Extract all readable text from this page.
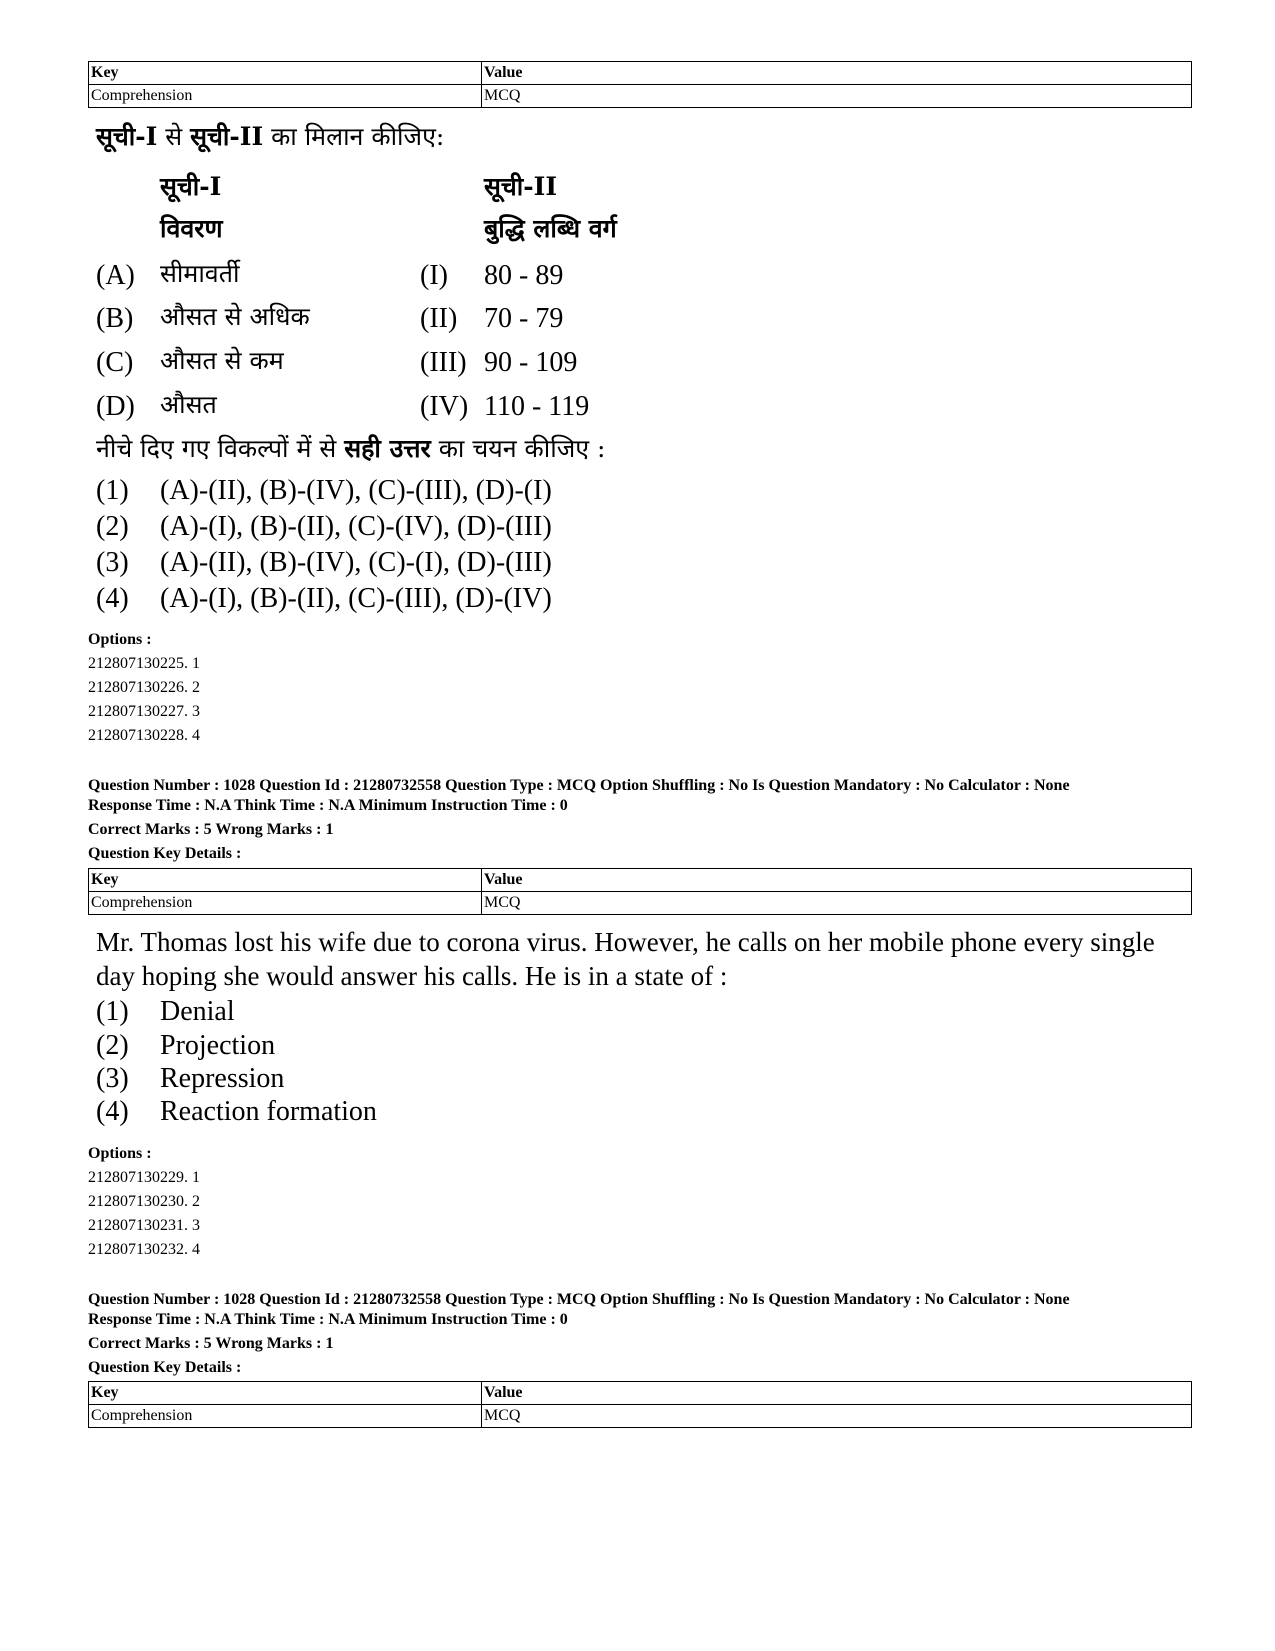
Key	Value
Comprehension	MCQ
सूची-I से सूची-II का मिलान कीजिए:
सूची-I	सूची-II
विवरण	बुद्धि लब्धि वर्ग
(A) सीमावर्ती	(I) 80 - 89
(B) औसत से अधिक	(II) 70 - 79
(C) औसत से कम	(III) 90 - 109
(D) औसत	(IV) 110 - 119
नीचे दिए गए विकल्पों में से सही उत्तर का चयन कीजिए :
(1) (A)-(II), (B)-(IV), (C)-(III), (D)-(I)
(2) (A)-(I), (B)-(II), (C)-(IV), (D)-(III)
(3) (A)-(II), (B)-(IV), (C)-(I), (D)-(III)
(4) (A)-(I), (B)-(II), (C)-(III), (D)-(IV)
Options :
212807130225. 1
212807130226. 2
212807130227. 3
212807130228. 4
Question Number : 1028 Question Id : 21280732558 Question Type : MCQ Option Shuffling : No Is Question Mandatory : No Calculator : None
Response Time : N.A Think Time : N.A Minimum Instruction Time : 0
Correct Marks : 5 Wrong Marks : 1
Question Key Details :
Key	Value
Comprehension	MCQ
Mr. Thomas lost his wife due to corona virus. However, he calls on her mobile phone every single
day hoping she would answer his calls. He is in a state of :
(1) Denial
(2) Projection
(3) Repression
(4) Reaction formation
Options :
212807130229. 1
212807130230. 2
212807130231. 3
212807130232. 4
Question Number : 1028 Question Id : 21280732558 Question Type : MCQ Option Shuffling : No Is Question Mandatory : No Calculator : None
Response Time : N.A Think Time : N.A Minimum Instruction Time : 0
Correct Marks : 5 Wrong Marks : 1
Question Key Details :
Key	Value
Comprehension	MCQ
